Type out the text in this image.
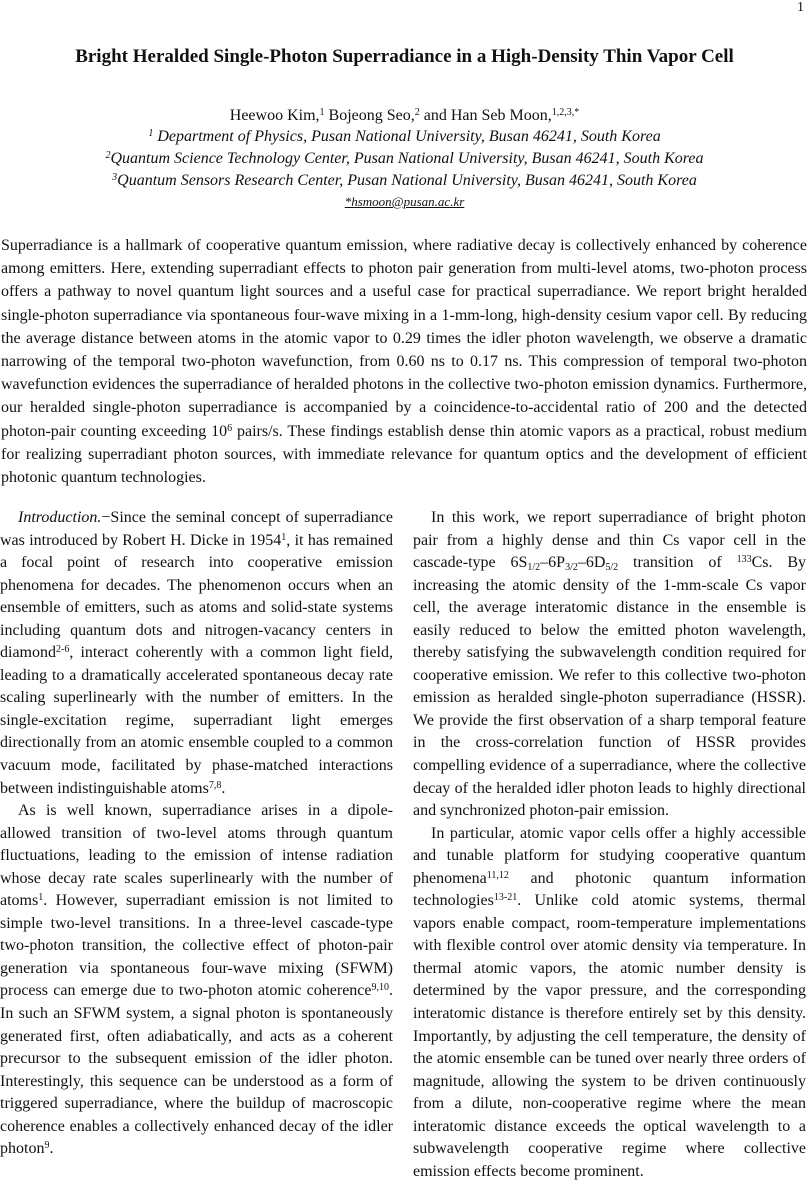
1
Bright Heralded Single-Photon Superradiance in a High-Density Thin Vapor Cell
Heewoo Kim,$^1$ Bojeong Seo,$^2$ and Han Seb Moon,$^{1,2,3,*}$
$^1$ Department of Physics, Pusan National University, Busan 46241, South Korea
$^2$Quantum Science Technology Center, Pusan National University, Busan 46241, South Korea
$^3$Quantum Sensors Research Center, Pusan National University, Busan 46241, South Korea
*hsmoon@pusan.ac.kr
Superradiance is a hallmark of cooperative quantum emission, where radiative decay is collectively enhanced by coherence among emitters. Here, extending superradiant effects to photon pair generation from multi-level atoms, two-photon process offers a pathway to novel quantum light sources and a useful case for practical superradiance. We report bright heralded single-photon superradiance via spontaneous four-wave mixing in a 1-mm-long, high-density cesium vapor cell. By reducing the average distance between atoms in the atomic vapor to 0.29 times the idler photon wavelength, we observe a dramatic narrowing of the temporal two-photon wavefunction, from 0.60 ns to 0.17 ns. This compression of temporal two-photon wavefunction evidences the superradiance of heralded photons in the collective two-photon emission dynamics. Furthermore, our heralded single-photon superradiance is accompanied by a coincidence-to-accidental ratio of 200 and the detected photon-pair counting exceeding $10^6$ pairs/s. These findings establish dense thin atomic vapors as a practical, robust medium for realizing superradiant photon sources, with immediate relevance for quantum optics and the development of efficient photonic quantum technologies.

Introduction.−Since the seminal concept of superradiance was introduced by Robert H. Dicke in 1954$^1$, it has remained a focal point of research into cooperative emission phenomena for decades. The phenomenon occurs when an ensemble of emitters, such as atoms and solid-state systems including quantum dots and nitrogen-vacancy centers in diamond$^{2-6}$, interact coherently with a common light field, leading to a dramatically accelerated spontaneous decay rate scaling superlinearly with the number of emitters. In the single-excitation regime, superradiant light emerges directionally from an atomic ensemble coupled to a common vacuum mode, facilitated by phase-matched interactions between indistinguishable atoms$^{7,8}$.

As is well known, superradiance arises in a dipole-allowed transition of two-level atoms through quantum fluctuations, leading to the emission of intense radiation whose decay rate scales superlinearly with the number of atoms$^1$. However, superradiant emission is not limited to simple two-level transitions. In a three-level cascade-type two-photon transition, the collective effect of photon-pair generation via spontaneous four-wave mixing (SFWM) process can emerge due to two-photon atomic coherence$^{9,10}$. In such an SFWM system, a signal photon is spontaneously generated first, often adiabatically, and acts as a coherent precursor to the subsequent emission of the idler photon. Interestingly, this sequence can be understood as a form of triggered superradiance, where the buildup of macroscopic coherence enables a collectively enhanced decay of the idler photon$^9$.

In this work, we report superradiance of bright photon pair from a highly dense and thin Cs vapor cell in the cascade-type $6S_{1/2}-6P_{3/2}-6D_{5/2}$ transition of $^{133}$Cs. By increasing the atomic density of the 1-mm-scale Cs vapor cell, the average interatomic distance in the ensemble is easily reduced to below the emitted photon wavelength, thereby satisfying the subwavelength condition required for cooperative emission. We refer to this collective two-photon emission as heralded single-photon superradiance (HSSR). We provide the first observation of a sharp temporal feature in the cross-correlation function of HSSR provides compelling evidence of a superradiance, where the collective decay of the heralded idler photon leads to highly directional and synchronized photon-pair emission.

In particular, atomic vapor cells offer a highly accessible and tunable platform for studying cooperative quantum phenomena$^{11,12}$ and photonic quantum information technologies$^{13-21}$. Unlike cold atomic systems, thermal vapors enable compact, room-temperature implementations with flexible control over atomic density via temperature. In thermal atomic vapors, the atomic number density is determined by the vapor pressure, and the corresponding interatomic distance is therefore entirely set by this density. Importantly, by adjusting the cell temperature, the density of the atomic ensemble can be tuned over nearly three orders of magnitude, allowing the system to be driven continuously from a dilute, non-cooperative regime where the mean interatomic distance exceeds the optical wavelength to a subwavelength cooperative regime where collective emission effects become prominent.
